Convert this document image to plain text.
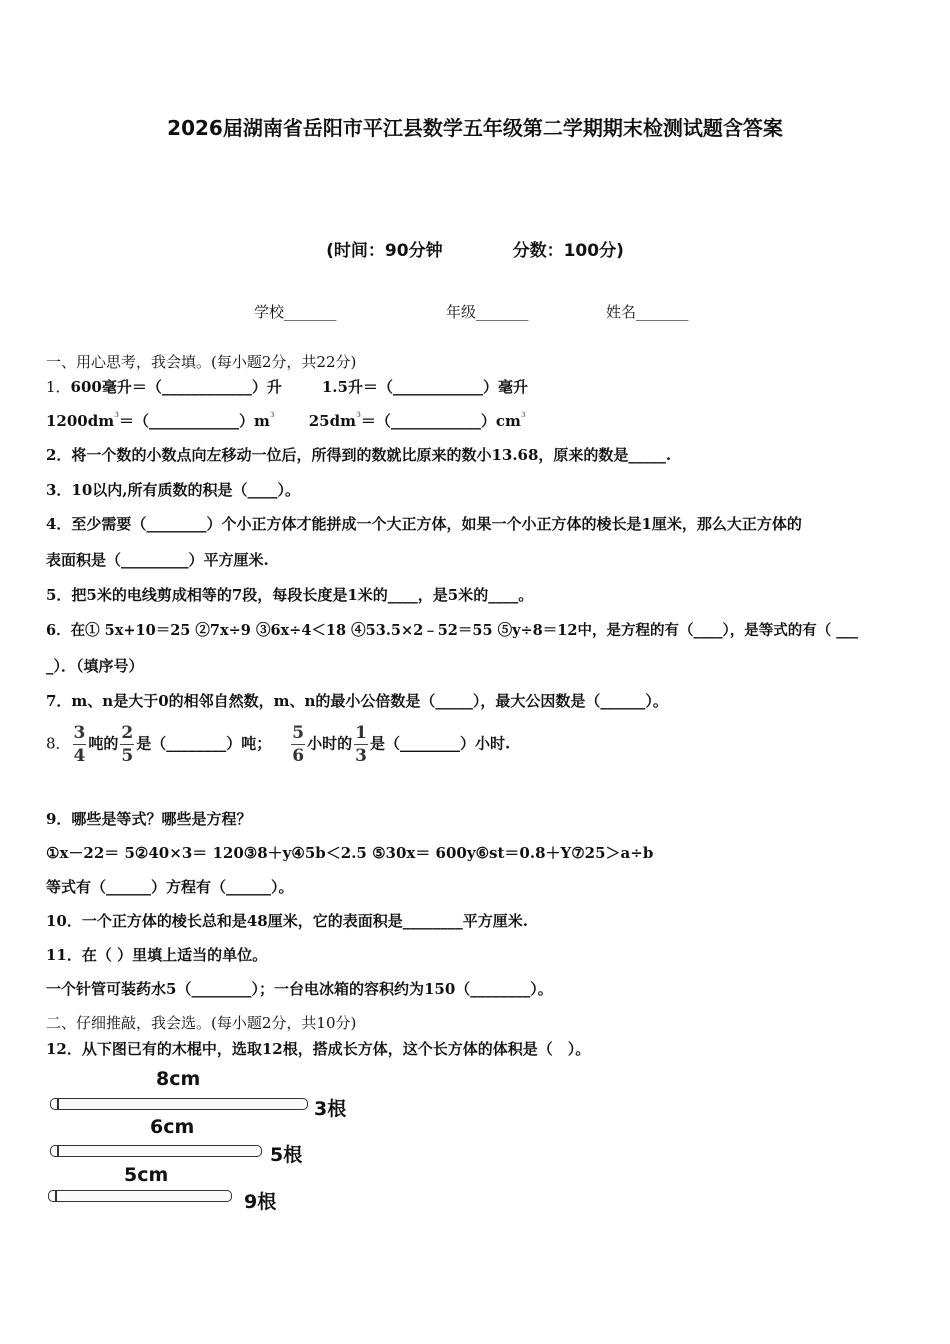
2026届湖南省岳阳市平江县数学五年级第二学期期末检测试题含答案
(时间：90分钟	分数：100分)
学校_______	年级_______	姓名_______
一、用心思考，我会填。(每小题2分，共22分)
1．600毫升＝（____________）升	1.5升＝（____________）毫升
$1200dm^3=(\_\_\_\_\_\_\_\_\_\_\_\_)m^3$ $25dm^3=(\_\_\_\_\_\_\_\_\_\_\_\_)cm^3$
2．将一个数的小数点向左移动一位后，所得到的数就比原来的数小13.68，原来的数是_____.
3．10以内,所有质数的积是（____）。
4．至少需要（________）个小正方体才能拼成一个大正方体，如果一个小正方体的棱长是1厘米，那么大正方体的
表面积是（_________）平方厘米.
5．把5米的电线剪成相等的7段，每段长度是1米的____，是5米的____。
6．在① 5x+10＝25 ②7x÷9 ③6x÷4＜18 ④53.5×2﹣52＝55 ⑤y÷8＝12中，是方程的有（____），是等式的有（ ___
_）．（填序号）
7．m、n是大于0的相邻自然数，m、n的最小公倍数是（_____），最大公因数是（______）。
8． $\frac{3}{4}$ 吨的 $\frac{2}{5}$ 是（________）吨； $\frac{5}{6}$ 小时的 $\frac{1}{3}$ 是（________）小时.
9．哪些是等式？哪些是方程？
①x－22＝ 5②40×3＝ 120③8＋y④5b＜2.5 ⑤30x＝ 600y⑥st＝0.8＋Y⑦25＞a÷b
等式有（______）方程有（______）。
10．一个正方体的棱长总和是48厘米，它的表面积是________平方厘米.
11．在（ ）里填上适当的单位。
一个针管可装药水5（________）；一台电冰箱的容积约为150（________）。
二、仔细推敲，我会选。(每小题2分，共10分)
12．从下图已有的木棍中，选取12根，搭成长方体，这个长方体的体积是（　）。
8cm
3根
6cm
5根
5cm
9根
